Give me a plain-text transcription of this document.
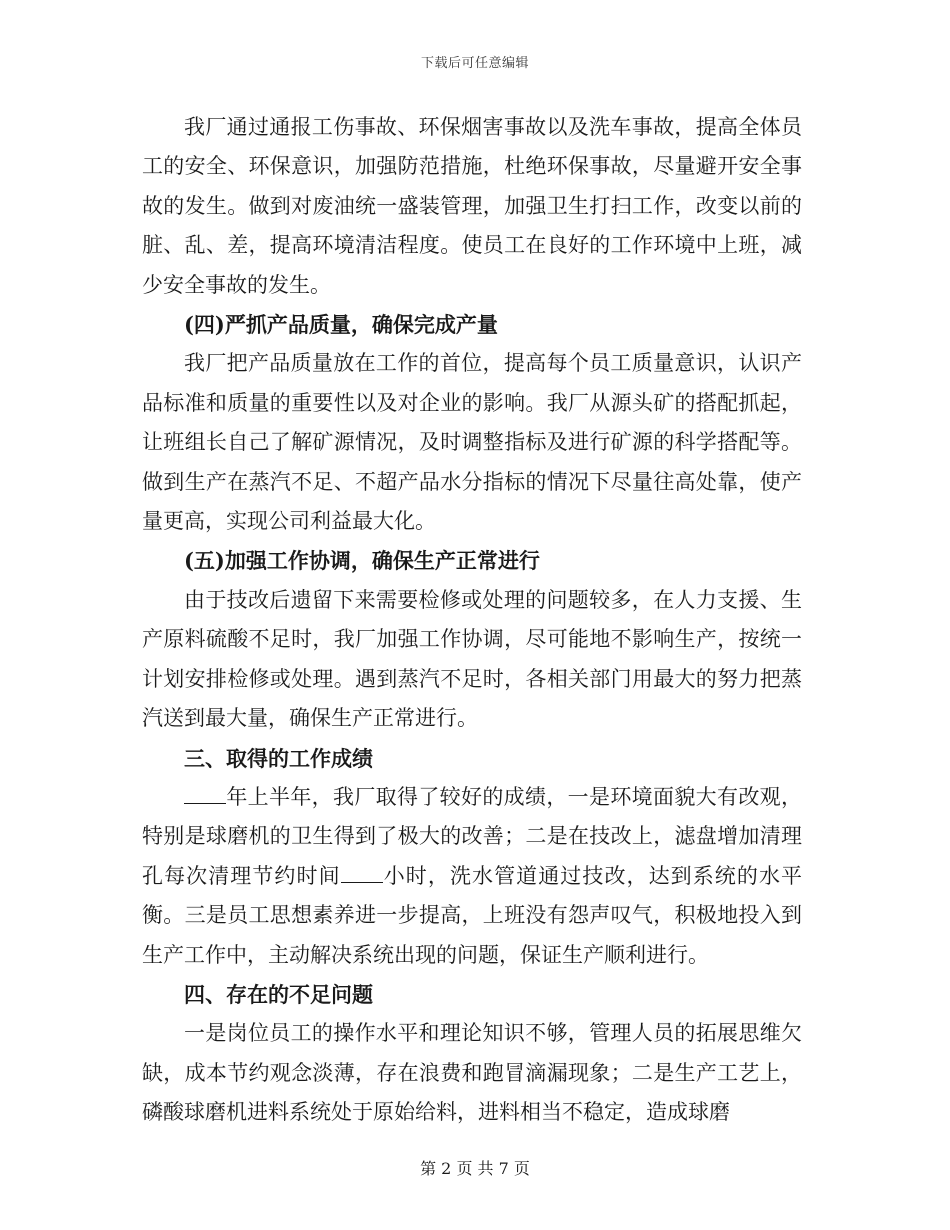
下载后可任意编辑

我厂通过通报工伤事故、环保烟害事故以及洗车事故，提高全体员工的安全、环保意识，加强防范措施，杜绝环保事故，尽量避开安全事故的发生。做到对废油统一盛装管理，加强卫生打扫工作，改变以前的脏、乱、差，提高环境清洁程度。使员工在良好的工作环境中上班，减少安全事故的发生。

(四)严抓产品质量，确保完成产量

我厂把产品质量放在工作的首位，提高每个员工质量意识，认识产品标准和质量的重要性以及对企业的影响。我厂从源头矿的搭配抓起，让班组长自己了解矿源情况，及时调整指标及进行矿源的科学搭配等。做到生产在蒸汽不足、不超产品水分指标的情况下尽量往高处靠，使产量更高，实现公司利益最大化。

(五)加强工作协调，确保生产正常进行

由于技改后遗留下来需要检修或处理的问题较多，在人力支援、生产原料硫酸不足时，我厂加强工作协调，尽可能地不影响生产，按统一计划安排检修或处理。遇到蒸汽不足时，各相关部门用最大的努力把蒸汽送到最大量，确保生产正常进行。

三、取得的工作成绩

年上半年，我厂取得了较好的成绩，一是环境面貌大有改观，特别是球磨机的卫生得到了极大的改善；二是在技改上，滤盘增加清理孔每次清理节约时间 小时，洗水管道通过技改，达到系统的水平衡。三是员工思想素养进一步提高，上班没有怨声叹气，积极地投入到生产工作中，主动解决系统出现的问题，保证生产顺利进行。

四、存在的不足问题

一是岗位员工的操作水平和理论知识不够，管理人员的拓展思维欠缺，成本节约观念淡薄，存在浪费和跑冒滴漏现象；二是生产工艺上，磷酸球磨机进料系统处于原始给料，进料相当不稳定，造成球磨

第 2 页 共 7 页
